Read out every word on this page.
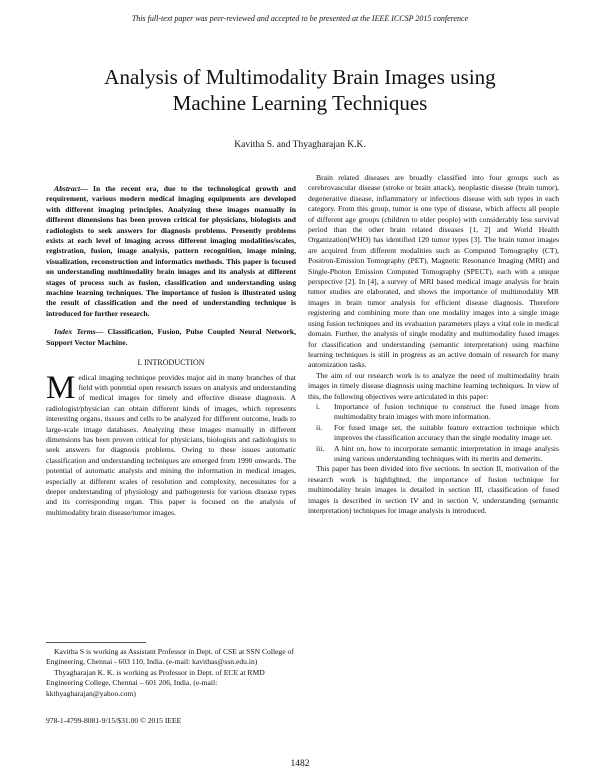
This full-text paper was peer-reviewed and accepted to be presented at the IEEE ICCSP 2015 conference
Analysis of Multimodality Brain Images using
Machine Learning Techniques
Kavitha S. and Thyagharajan K.K.

Abstract— In the recent era, due to the technological growth and requirement, various modern medical imaging equipments are developed with different imaging principles. Analyzing these images manually in different dimensions has been proven critical for physicians, biologists and radiologists to seek answers for diagnosis problems. Presently problems exists at each level of imaging across different imaging modalities/scales, registration, fusion, image analysis, pattern recognition, image mining, visualization, reconstruction and informatics methods. This paper is focused on understanding multimodality brain images and its analysis at different stages of process such as fusion, classification and understanding using machine learning techniques. The importance of fusion is illustrated using the result of classification and the need of understanding technique is introduced for further research.

Index Terms— Classification, Fusion, Pulse Coupled Neural Network, Support Vector Machine.

I. INTRODUCTION

Medical imaging technique provides major aid in many branches of that field with potential open research issues on analysis and understanding of medical images for timely and effective disease diagnosis. A radiologist/physician can obtain different kinds of images, which represents interesting organs, tissues and cells to be analyzed for different outcome, leads to large-scale image databases. Analyzing these images manually in different dimensions has been proven critical for physicians, biologists and radiologists to seek answers for diagnosis problems. Owing to these issues automatic classification and understanding techniques are emerged from 1990 onwards. The potential of automatic analysis and mining the information in medical images, especially at different scales of resolution and complexity, necessitates for a deeper understanding of physiology and pathogenesis for various disease types and its corresponding organ. This paper is focused on the analysis of multimodality brain disease/tumor images.

Kavitha S is working as Assistant Professor in Dept. of CSE at SSN College of Engineering, Chennai - 603 110, India. (e-mail: kavithas@ssn.edu.in)

Thyagharajan K. K. is working as Professor in Dept. of ECE at RMD Engineering College, Chennai – 601 206, India. (e-mail: kkthyagharajan@yahoo.com)

978-1-4799-8081-9/15/$31.00 © 2015 IEEE

Brain related diseases are broadly classified into four groups such as cerebrovascular disease (stroke or brain attack), neoplastic disease (brain tumor), degenerative disease, inflammatory or infectious disease with sub types in each category. From this group, tumor is one type of disease, which affects all people of different age groups (children to elder people) with considerably less survival period than the other brain related diseases [1, 2] and World Health Organization(WHO) has identified 120 tumor types [3]. The brain tumor images are acquired from different modalities such as Computed Tomography (CT), Positron-Emission Tomography (PET), Magnetic Resonance Imaging (MRI) and Single-Photon Emission Computed Tomography (SPECT), each with a unique perspective [2]. In [4], a survey of MRI based medical image analysis for brain tumor studies are elaborated, and shows the importance of multimodality MR images in brain tumor analysis for efficient disease diagnosis. Therefore registering and combining more than one modality images into a single image using fusion techniques and its evaluation parameters plays a vital role in medical domain. Further, the analysis of single modality and multimodality fused images for classification and understanding (semantic interpretation) using machine learning techniques is still in progress as an active domain of research for many automization tasks.

The aim of our research work is to analyze the need of multimodality brain images in timely disease diagnosis using machine learning techniques. In view of this, the following objectives were articulated in this paper:

i. Importance of fusion technique to construct the fused image from multimodality brain images with more information.
ii. For fused image set, the suitable feature extraction technique which improves the classification accuracy than the single modality image set.
iii. A hint on, how to incorporate semantic interpretation in image analysis using various understanding techniques with its merits and demerits.

This paper has been divided into five sections. In section II, motivation of the research work is highlighted, the importance of fusion technique for multimodality brain images is detailed in section III, classification of fused images is described in section IV and in section V, understanding (semantic interpretation) techniques for image analysis is introduced.

1482
